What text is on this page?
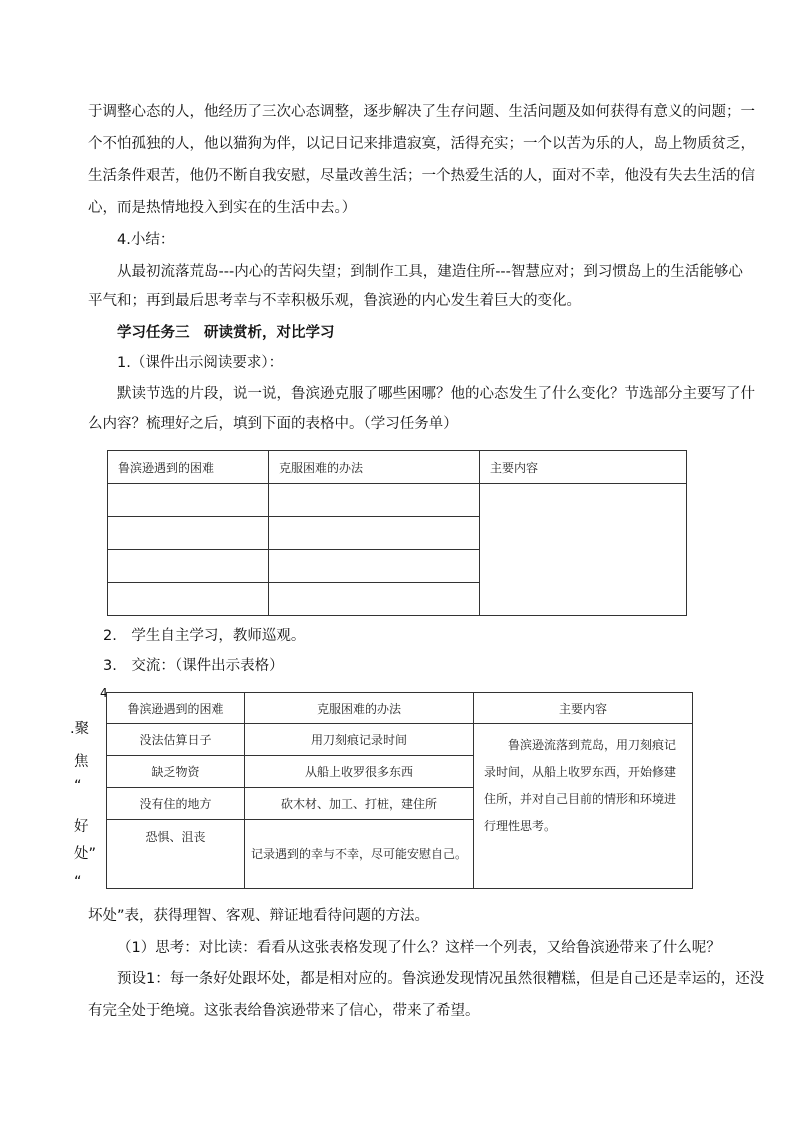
于调整心态的人，他经历了三次心态调整，逐步解决了生存问题、生活问题及如何获得有意义的问题；一
个不怕孤独的人，他以猫狗为伴，以记日记来排遣寂寞，活得充实；一个以苦为乐的人，岛上物质贫乏，
生活条件艰苦，他仍不断自我安慰，尽量改善生活；一个热爱生活的人，面对不幸，他没有失去生活的信
心，而是热情地投入到实在的生活中去。）
4.小结：
从最初流落荒岛---内心的苦闷失望；到制作工具，建造住所---智慧应对；到习惯岛上的生活能够心
平气和；再到最后思考幸与不幸积极乐观，鲁滨逊的内心发生着巨大的变化。
学习任务三　研读赏析，对比学习
1.（课件出示阅读要求）：
默读节选的片段，说一说，鲁滨逊克服了哪些困哪？他的心态发生了什么变化？节选部分主要写了什
么内容？梳理好之后，填到下面的表格中。（学习任务单）
鲁滨逊遇到的困难	克服困难的办法	主要内容

2.　学生自主学习，教师巡观。
3.　交流：（课件出示表格）
4
.聚
焦
“
好
处”
“
鲁滨逊遇到的困难	克服困难的办法	主要内容
没法估算日子	用刀刻痕记录时间	鲁滨逊流落到荒岛，用刀刻痕记录时间，从船上收罗东西，开始修建住所，并对自己目前的情形和环境进行理性思考。
缺乏物资	从船上收罗很多东西	
没有住的地方	砍木材、加工、打桩，建住所	
恐惧、沮丧	记录遇到的幸与不幸，尽可能安慰自己。	
坏处”表，获得理智、客观、辩证地看待问题的方法。
（1）思考：对比读：看看从这张表格发现了什么？这样一个列表，又给鲁滨逊带来了什么呢？
预设1：每一条好处跟坏处，都是相对应的。鲁滨逊发现情况虽然很糟糕，但是自己还是幸运的，还没
有完全处于绝境。这张表给鲁滨逊带来了信心，带来了希望。
